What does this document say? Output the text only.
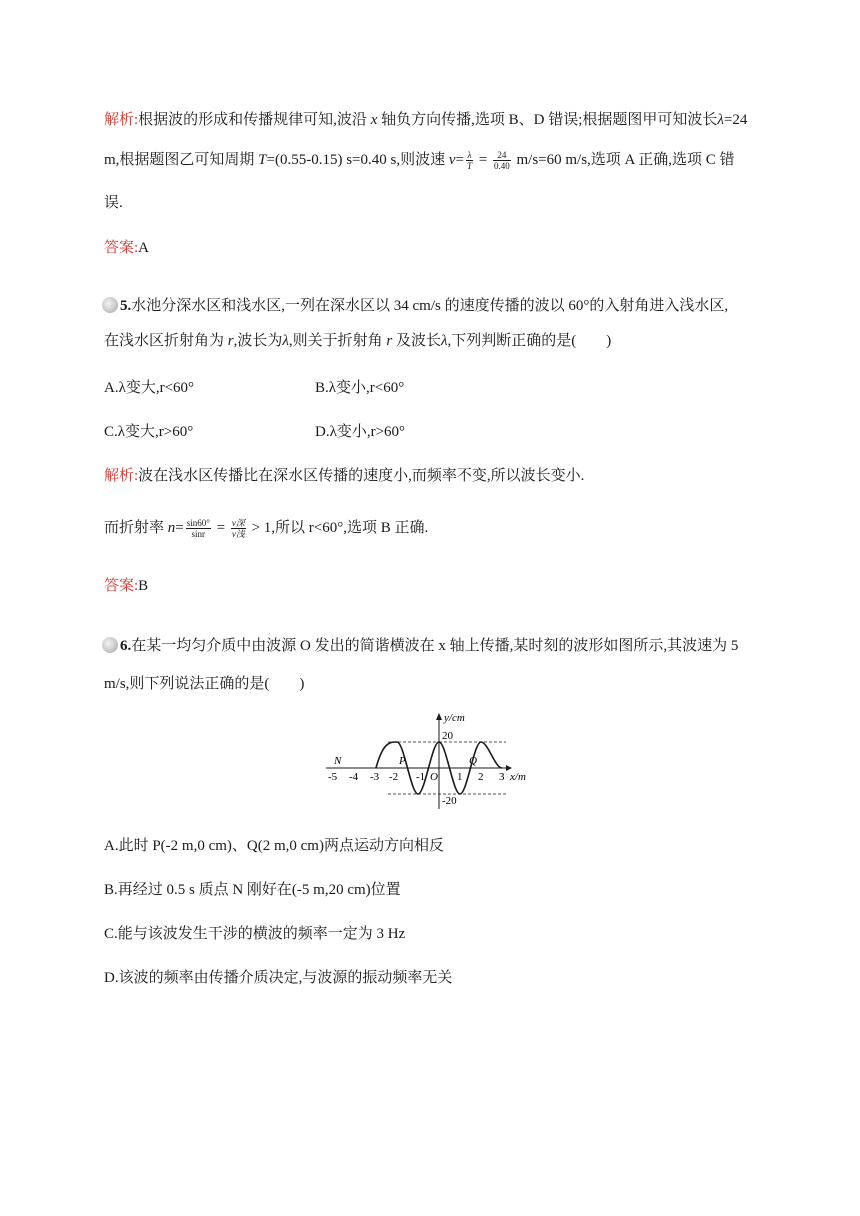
解析:根据波的形成和传播规律可知,波沿 x 轴负方向传播,选项 B、D 错误;根据题图甲可知波长λ=24
m,根据题图乙可知周期 T=(0.55-0.15) s=0.40 s,则波速 $v= \frac{\lambda}{T} = \frac{24}{0.40} m/s=60$ m/s,选项 A 正确,选项 C 错
误.
答案:A
5.水池分深水区和浅水区,一列在深水区以 34 cm/s 的速度传播的波以 60°的入射角进入浅水区,
在浅水区折射角为 r,波长为λ,则关于折射角 r 及波长λ,下列判断正确的是(　　)
A.λ变大,r<60°	B.λ变小,r<60°
C.λ变大,r>60°	D.λ变小,r>60°
解析:波在浅水区传播比在深水区传播的速度小,而频率不变,所以波长变小.
而折射率 $n= \frac{\sin 60^\circ}{\sin r} = \frac{\text{v深}}{\text{v浅}} > 1$,所以 r<60°,选项 B 正确.
答案:B
6.在某一均匀介质中由波源 O 发出的简谐横波在 x 轴上传播,某时刻的波形如图所示,其波速为 5
m/s,则下列说法正确的是(　　)
y/cm
20
-20
x/m
-5 -4 -3 -2 -1 O 1 2 3
N	P	Q
A.此时 P(-2 m,0 cm)、Q(2 m,0 cm)两点运动方向相反
B.再经过 0.5 s 质点 N 刚好在(-5 m,20 cm)位置
C.能与该波发生干涉的横波的频率一定为 3 Hz
D.该波的频率由传播介质决定,与波源的振动频率无关
